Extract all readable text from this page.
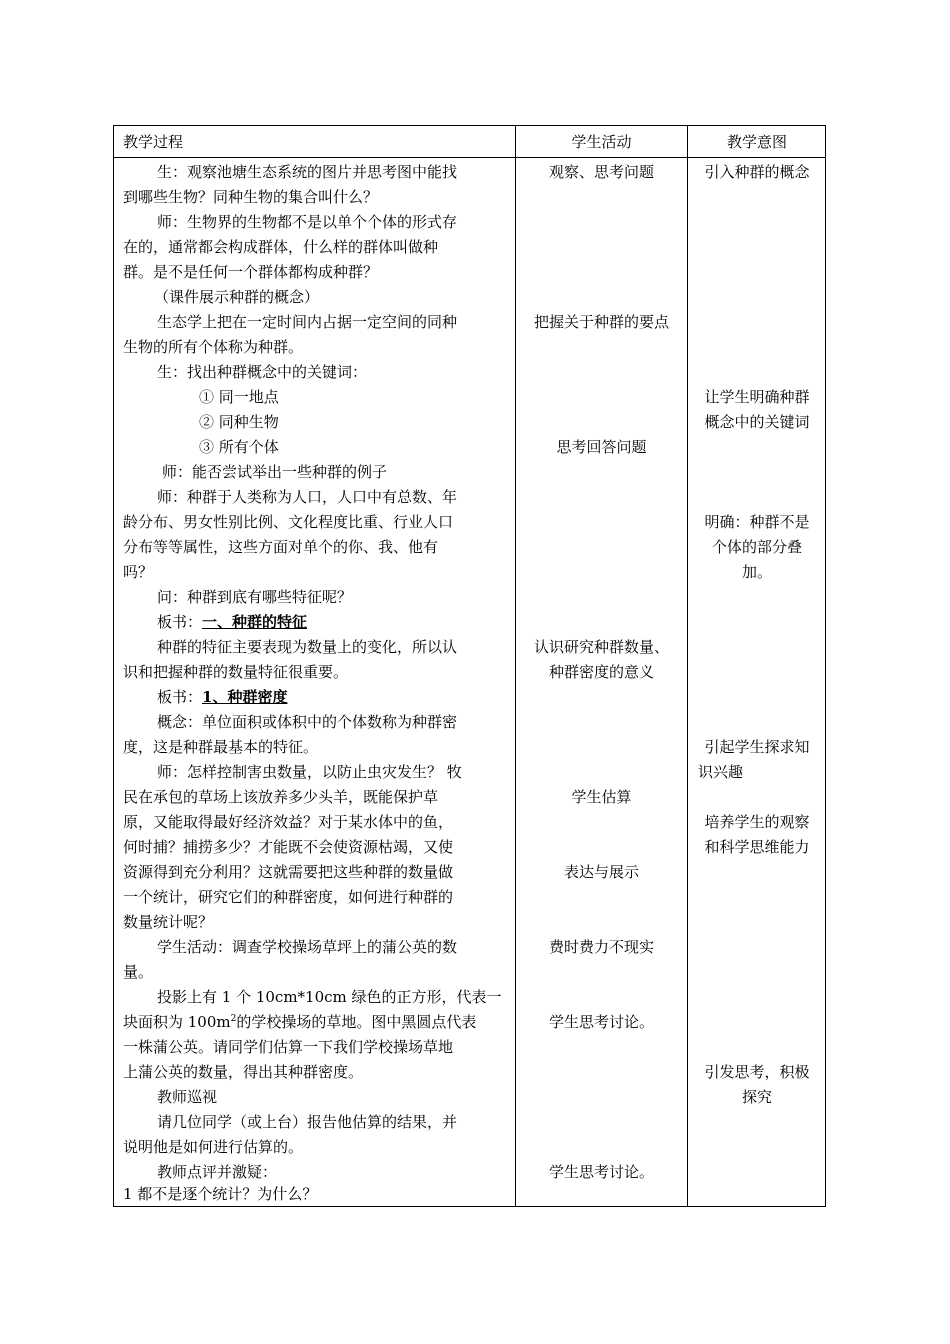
教学过程	学生活动	教学意图
生：观察池塘生态系统的图片并思考图中能找
到哪些生物？同种生物的集合叫什么？
师：生物界的生物都不是以单个个体的形式存
在的，通常都会构成群体，什么样的群体叫做种
群。是不是任何一个群体都构成种群？
（课件展示种群的概念）
生态学上把在一定时间内占据一定空间的同种
生物的所有个体称为种群。
生：找出种群概念中的关键词：
① 同一地点
② 同种生物
③ 所有个体
师：能否尝试举出一些种群的例子
师：种群于人类称为人口，人口中有总数、年
龄分布、男女性别比例、文化程度比重、行业人口
分布等等属性，这些方面对单个的你、我、他有
吗？
问：种群到底有哪些特征呢？
板书：一、种群的特征
种群的特征主要表现为数量上的变化，所以认
识和把握种群的数量特征很重要。
板书：1、种群密度
概念：单位面积或体积中的个体数称为种群密
度，这是种群最基本的特征。
师：怎样控制害虫数量，以防止虫灾发生？ 牧
民在承包的草场上该放养多少头羊，既能保护草
原，又能取得最好经济效益？对于某水体中的鱼，
何时捕？捕捞多少？才能既不会使资源枯竭，又使
资源得到充分利用？这就需要把这些种群的数量做
一个统计，研究它们的种群密度，如何进行种群的
数量统计呢？
学生活动：调查学校操场草坪上的蒲公英的数
量。
投影上有 1 个 10cm*10cm 绿色的正方形，代表一
块面积为 $100m^2$的学校操场的草地。图中黑圆点代表
一株蒲公英。请同学们估算一下我们学校操场草地
上蒲公英的数量，得出其种群密度。
教师巡视
请几位同学（或上台）报告他估算的结果，并
说明他是如何进行估算的。
教师点评并激疑：
1 都不是逐个统计？为什么？
观察、思考问题
把握关于种群的要点
思考回答问题
认识研究种群数量、
种群密度的意义
学生估算
表达与展示
费时费力不现实
学生思考讨论。
学生思考讨论。
引入种群的概念
让学生明确种群
概念中的关键词
明确：种群不是
个体的部分叠
加。
引起学生探求知
识兴趣
培养学生的观察
和科学思维能力
引发思考，积极
探究
